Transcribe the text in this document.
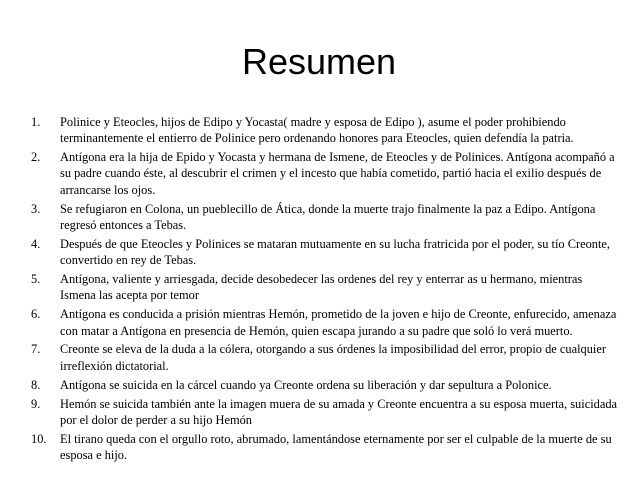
Resumen
1.	Polinice y Eteocles, hijos de Edipo y Yocasta( madre y esposa de Edipo ), asume el poder prohibiendo terminantemente el entierro de Polinice pero ordenando honores para Eteocles, quien defendía la patria.
2.	Antígona era la hija de Epido y Yocasta y hermana de Ismene, de Eteocles y de Polinices. Antígona acompañó a su padre cuando éste, al descubrir el crimen y el incesto que había cometido, partió hacia el exilio después de arrancarse los ojos.
3.	Se refugiaron en Colona, un pueblecillo de Ática, donde la muerte trajo finalmente la paz a Edipo. Antígona regresó entonces a Tebas.
4.	Después de que Eteocles y Polinices se mataran mutuamente en su lucha fratricida por el poder, su tío Creonte, convertido en rey de Tebas.
5.	Antígona, valiente y arriesgada, decide desobedecer las ordenes del rey y enterrar as u hermano, mientras Ismena las acepta por temor
6.	Antígona es conducida a prisión mientras Hemón, prometido de la joven e hijo de Creonte, enfurecido, amenaza con matar a Antígona en presencia de Hemón, quien escapa jurando a su padre que soló lo verá muerto.
7.	Creonte se eleva de la duda a la cólera, otorgando a sus órdenes la imposibilidad del error, propio de cualquier irreflexión dictatorial.
8.	Antígona se suicida en la cárcel cuando ya Creonte ordena su liberación y dar sepultura a Polonice.
9.	Hemón se suicida también ante la imagen muera de su amada y Creonte encuentra a su esposa muerta, suicidada por el dolor de perder a su hijo Hemón
10.	El tirano queda con el orgullo roto, abrumado, lamentándose eternamente por ser el culpable de la muerte de su esposa e hijo.
